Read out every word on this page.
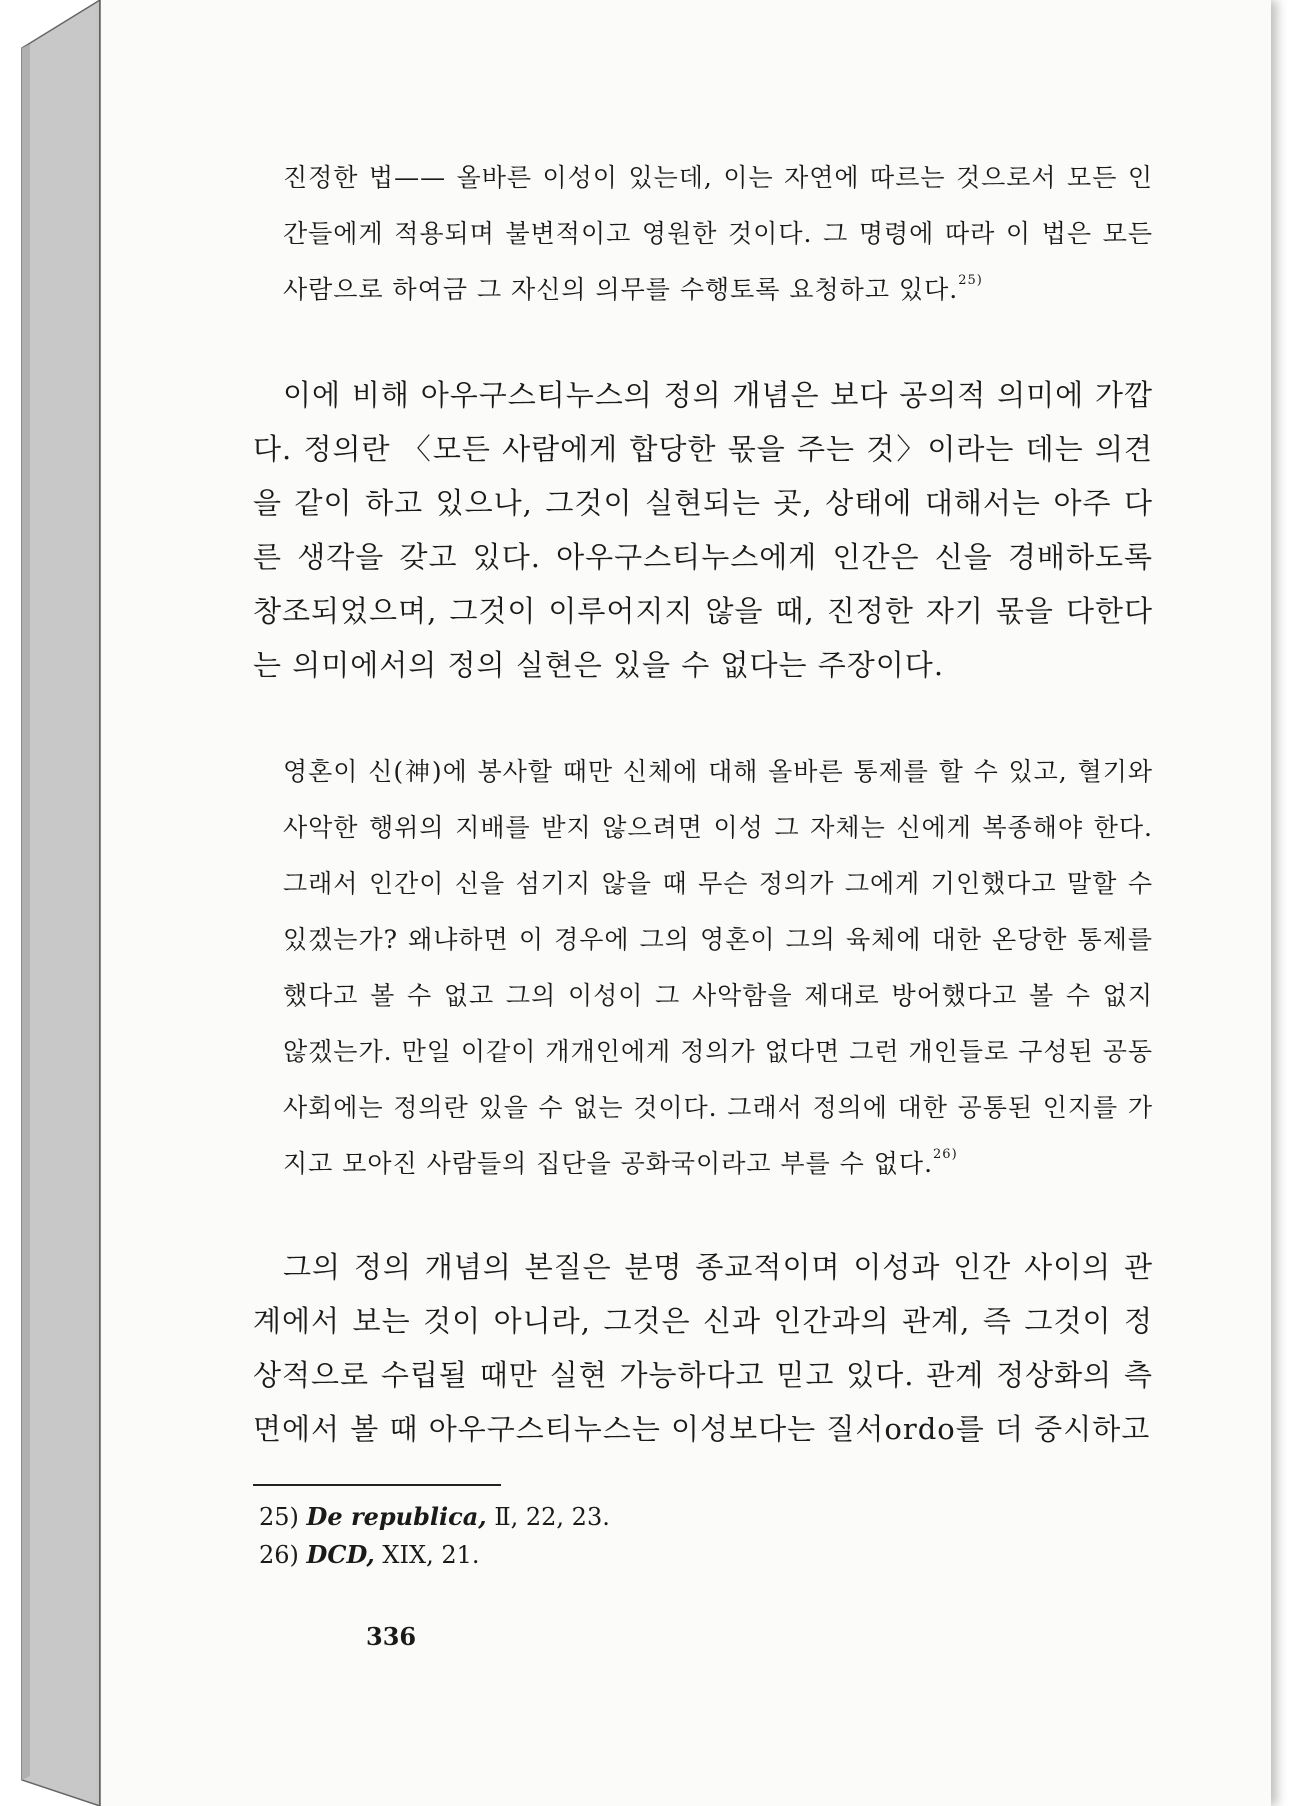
진정한 법—— 올바른 이성이 있는데, 이는 자연에 따르는 것으로서 모든 인간들에게 적용되며 불변적이고 영원한 것이다. 그 명령에 따라 이 법은 모든 사람으로 하여금 그 자신의 의무를 수행토록 요청하고 있다.$^{25)}$

이에 비해 아우구스티누스의 정의 개념은 보다 공의적 의미에 가깝다. 정의란 〈모든 사람에게 합당한 몫을 주는 것〉이라는 데는 의견을 같이 하고 있으나, 그것이 실현되는 곳, 상태에 대해서는 아주 다른 생각을 갖고 있다. 아우구스티누스에게 인간은 신을 경배하도록 창조되었으며, 그것이 이루어지지 않을 때, 진정한 자기 몫을 다한다는 의미에서의 정의 실현은 있을 수 없다는 주장이다.

영혼이 신(神)에 봉사할 때만 신체에 대해 올바른 통제를 할 수 있고, 혈기와 사악한 행위의 지배를 받지 않으려면 이성 그 자체는 신에게 복종해야 한다. 그래서 인간이 신을 섬기지 않을 때 무슨 정의가 그에게 기인했다고 말할 수 있겠는가? 왜냐하면 이 경우에 그의 영혼이 그의 육체에 대한 온당한 통제를 했다고 볼 수 없고 그의 이성이 그 사악함을 제대로 방어했다고 볼 수 없지 않겠는가. 만일 이같이 개개인에게 정의가 없다면 그런 개인들로 구성된 공동사회에는 정의란 있을 수 없는 것이다. 그래서 정의에 대한 공통된 인지를 가지고 모아진 사람들의 집단을 공화국이라고 부를 수 없다.$^{26)}$

그의 정의 개념의 본질은 분명 종교적이며 이성과 인간 사이의 관계에서 보는 것이 아니라, 그것은 신과 인간과의 관계, 즉 그것이 정상적으로 수립될 때만 실현 가능하다고 믿고 있다. 관계 정상화의 측면에서 볼 때 아우구스티누스는 이성보다는 질서ordo를 더 중시하고

25) De republica, Ⅱ, 22, 23.
26) DCD, XIX, 21.
336
